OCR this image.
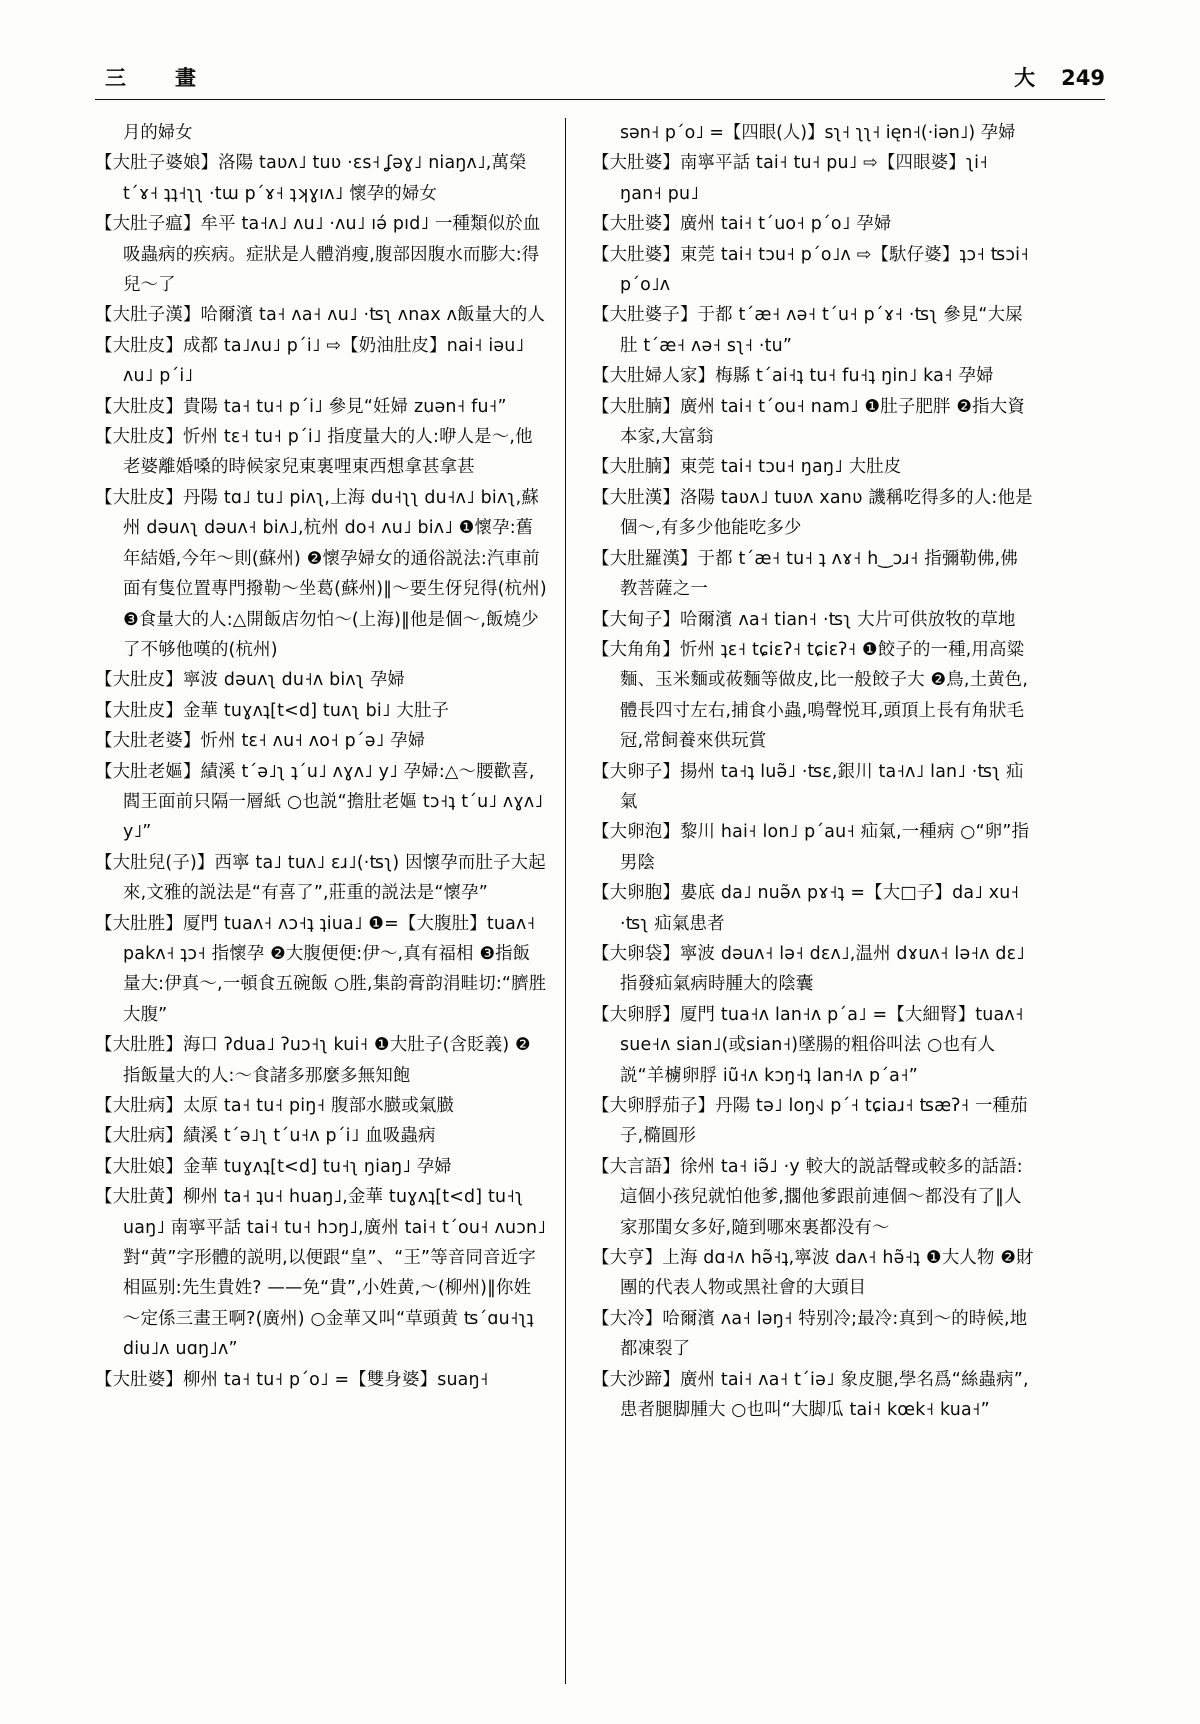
三　畫	大 249

月的婦女

【大肚子婆娘】洛陽 taʋʌ˩ tuʋ ·ɛs˧ ʆəɣ˩ niaŋʌ˩,萬榮 tˊɤ˧ ʇʇ˧ʅʅ ·tɯ pˊɤ˧ ʇʞɣıʌ˩ 懷孕的婦女

【大肚子瘟】牟平 ta˧ʌ˩ ʌu˩ ·ʌu˩ ıə́ pıd˩ 一種類似於血吸蟲病的疾病。症狀是人體消瘦,腹部因腹水而膨大:得兒～了

【大肚子漢】哈爾濱 ta˧ ʌa˧ ʌu˩ ·ʦʅ ʌnax ʌ飯量大的人

【大肚皮】成都 ta˩ʌu˩ pˊi˩ ⇨【奶油肚皮】nai˧ iəu˩ ʌu˩ pˊi˩

【大肚皮】貴陽 ta˧ tu˧ pˊi˩ 參見“妊婦 zuən˧ fu˧”

【大肚皮】忻州 tɛ˧ tu˧ pˊi˩ 指度量大的人:咿人是～,他老婆離婚嗓的時候家兒東裏哩東西想拿甚拿甚

【大肚皮】丹陽 tɑ˩ tu˩ piʌʅ,上海 du˧ʅʅ du˧ʌ˩ biʌʅ,蘇州 dəuʌʅ dəuʌ˧ biʌ˩,杭州 do˧ ʌu˩ biʌ˩ ❶懷孕:舊年結婚,今年～則(蘇州) ❷懷孕婦女的通俗説法:汽車前面有隻位置專門撥勒～坐葛(蘇州)‖～要生伢兒得(杭州) ❸食量大的人:△開飯店勿怕～(上海)‖他是個～,飯燒少了不够他嘆的(杭州)

【大肚皮】寧波 dəuʌʅ du˧ʌ biʌʅ 孕婦

【大肚皮】金華 tuɣʌʇ[t<d] tuʌʅ bi˩ 大肚子

【大肚老婆】忻州 tɛ˧ ʌu˧ ʌo˧ pˊə˩ 孕婦

【大肚老嫗】績溪 tˊə˩ʅ ʇˊu˩ ʌɣʌ˩ y˩ 孕婦:△～腰歡喜,閻王面前只隔一層紙 ○也説“擔肚老嫗 tɔ˧ʇ tˊu˩ ʌɣʌ˩ y˩”

【大肚兒(子)】西寧 ta˩ tuʌ˩ ɛɹ˩(·ʦʅ) 因懷孕而肚子大起來,文雅的説法是“有喜了”,莊重的説法是“懷孕”

【大肚胜】厦門 tuaʌ˧ ʌɔ˧ʇ ʇiua˩ ❶=【大腹肚】tuaʌ˧ pakʌ˧ ʇɔ˧ 指懷孕 ❷大腹便便:伊～,真有福相 ❸指飯量大:伊真～,一頓食五碗飯 ○胜,集韵膏韵涓畦切:“臍胜大腹”

【大肚胜】海口 ʔdua˩ ʔuɔ˧ʅ kui˧ ❶大肚子(含貶義) ❷指飯量大的人:～食諸多那麼多無知飽

【大肚病】太原 ta˧ tu˧ piŋ˧ 腹部水臌或氣臌

【大肚病】績溪 tˊə˩ʅ tˊu˧ʌ pˊi˩ 血吸蟲病

【大肚娘】金華 tuɣʌʇ[t<d] tu˧ʅ ŋiaŋ˩ 孕婦

【大肚黄】柳州 ta˧ ʇu˧ huaŋ˩,金華 tuɣʌʇ[t<d] tu˧ʅ uaŋ˩ 南寧平話 tai˧ tu˧ hɔŋ˩,廣州 tai˧ tˊou˧ ʌuɔn˩ 對“黄”字形體的説明,以便跟“皇”、“王”等音同音近字相區别:先生貴姓? ——免“貴”,小姓黄,～(柳州)‖你姓～定係三畫王啊?(廣州) ○金華又叫“草頭黄 ʦˊɑu˧ʅʇ diu˩ʌ uɑŋ˩ʌ”

【大肚婆】柳州 ta˧ tu˧ pˊo˩ =【雙身婆】suaŋ˧

sən˧ pˊo˩ =【四眼(人)】sʅ˧ ʅʅ˧ ięn˧(·iən˩) 孕婦

【大肚婆】南寧平話 tai˧ tu˧ pu˩ ⇨【四眼婆】ʅi˧ ŋan˧ pu˩

【大肚婆】廣州 tai˧ tˊuo˧ pˊo˩ 孕婦

【大肚婆】東莞 tai˧ tɔu˧ pˊo˩ʌ ⇨【馱仔婆】ʇɔ˧ ʦɔi˧ pˊo˩ʌ

【大肚婆子】于都 tˊæ˧ ʌə˧ tˊu˧ pˊɤ˧ ·ʦʅ 參見“大屎肚 tˊæ˧ ʌə˧ sʅ˧ ·tu”

【大肚婦人家】梅縣 tˊai˧ʇ tu˧ fu˧ʇ ŋin˩ ka˧ 孕婦

【大肚腩】廣州 tai˧ tˊou˧ nam˩ ❶肚子肥胖 ❷指大資本家,大富翁

【大肚腩】東莞 tai˧ tɔu˧ ŋaŋ˩ 大肚皮

【大肚漢】洛陽 taʋʌ˩ tuʋʌ xanʋ 譏稱吃得多的人:他是個～,有多少他能吃多少

【大肚羅漢】于都 tˊæ˧ tu˧ ʇ ʌɤ˧ h‿ɔɹ˧ 指彌勒佛,佛教菩薩之一

【大甸子】哈爾濱 ʌa˧ tian˧ ·ʦʅ 大片可供放牧的草地

【大角角】忻州 ʇɛ˧ tɕiɛʔ˧ tɕiɛʔ˧ ❶餃子的一種,用高粱麵、玉米麵或莜麵等做皮,比一般餃子大 ❷鳥,土黄色,體長四寸左右,捕食小蟲,鳴聲悦耳,頭頂上長有角狀毛冠,常飼養來供玩賞

【大卵子】揚州 ta˧ʇ luə̃˩ ·ʦɛ,銀川 ta˧ʌ˩ lan˩ ·ʦʅ 疝氣

【大卵泡】黎川 hai˧ lon˩ pˊau˧ 疝氣,一種病 ○“卵”指男陰

【大卵胞】婁底 da˩ nuə̃ʌ pɤ˧ʇ =【大□子】da˩ xu˧ ·ʦʅ 疝氣患者

【大卵袋】寧波 dəuʌ˧ lə˧ dɛʌ˩,温州 dɤuʌ˧ lə˧ʌ dɛ˩ 指發疝氣病時腫大的陰囊

【大卵脬】厦門 tua˧ʌ lan˧ʌ pˊa˩ =【大細腎】tuaʌ˧ sue˧ʌ sian˩(或sian˧)墜腸的粗俗叫法 ○也有人説“羊㯭卵脬 iũ˧ʌ kɔŋ˧ʇ lan˧ʌ pˊa˧”

【大卵脬茄子】丹陽 tə˩ loŋ˧˩ pˊ˧ tɕiaɹ˧ ʦæʔ˧ 一種茄子,橢圓形

【大言語】徐州 ta˧ iə̃˩ ·y 較大的説話聲或較多的話語:這個小孩兒就怕他爹,擱他爹跟前連個～都没有了‖人家那閨女多好,隨到哪來裏都没有～

【大亨】上海 dɑ˧ʌ hə̃˧ʇ,寧波 daʌ˧ hə̃˧ʇ ❶大人物 ❷財團的代表人物或黑社會的大頭目

【大冷】哈爾濱 ʌa˧ ləŋ˧ 特别冷;最冷:真到～的時候,地都凍裂了

【大沙蹄】廣州 tai˧ ʌa˧ tˊiə˩ 象皮腿,學名爲“絲蟲病”,患者腿脚腫大 ○也叫“大脚瓜 tai˧ kœk˧ kua˧”
